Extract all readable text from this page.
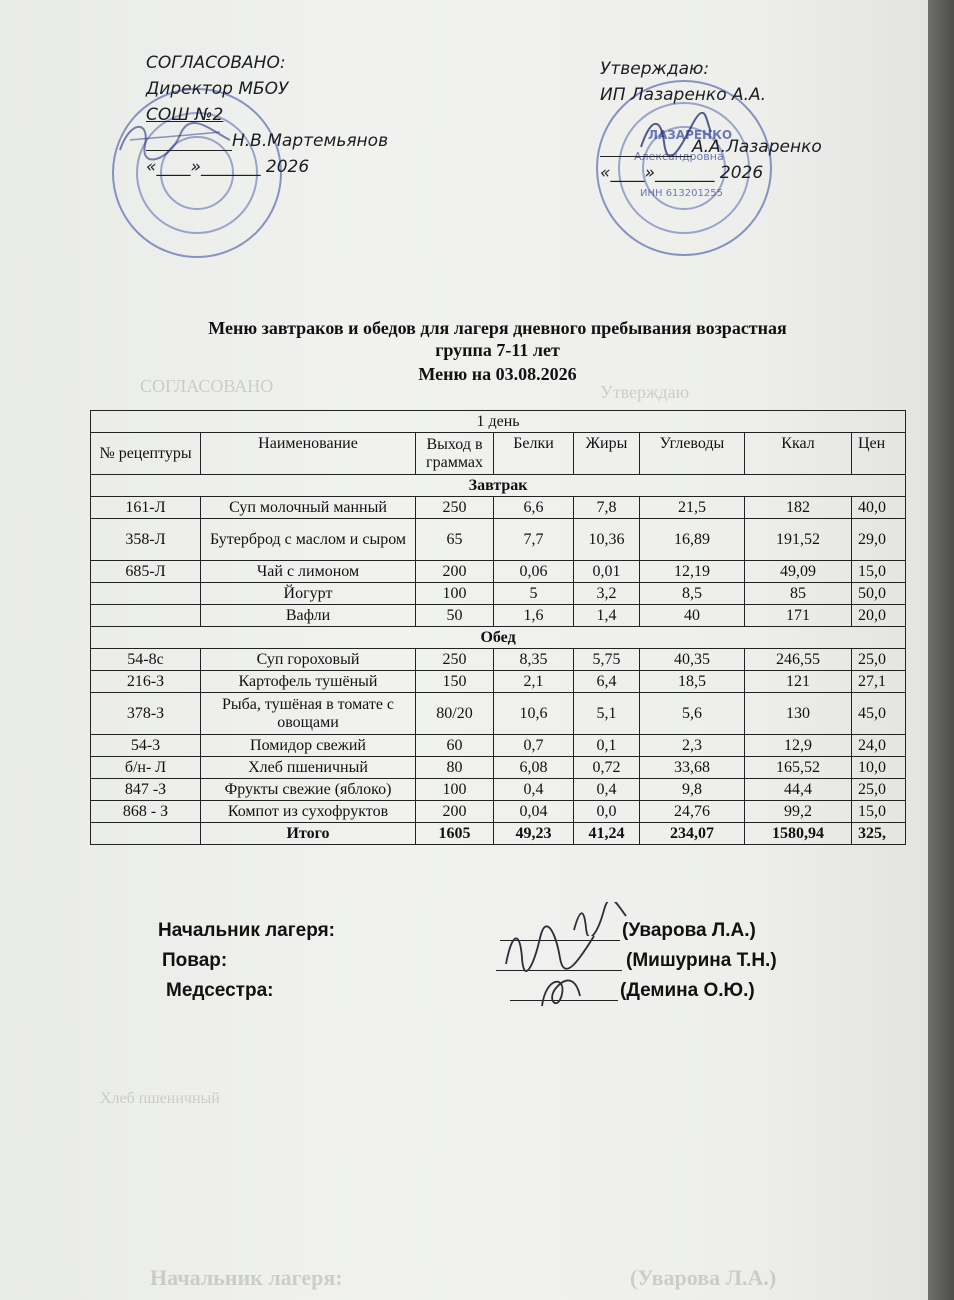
СОГЛАСОВАНО	Утверждаю
Хлеб пшеничный
Начальник лагеря:	(Уварова Л.А.)
СОГЛАСОВАНО:
Директор МБОУ
СОШ №2
Н.В.Мартемьянов
«____»_______ 2026
ЛАЗАРЕНКО
Александровна
ИНН 613201255
Утверждаю:
ИП Лазаренко А.А.
А.А.Лазаренко
«____»_______ 2026
Меню завтраков и обедов для лагеря дневного пребывания возрастная
группа 7-11 лет
Меню на 03.08.2026
1 день							
№ рецептуры	Наименование	Выход в граммах	Белки	Жиры	Углеводы	Ккал	Цен
Завтрак							
161-Л	Суп молочный манный	250	6,6	7,8	21,5	182	40,0
358-Л	Бутерброд с маслом и сыром	65	7,7	10,36	16,89	191,52	29,0
685-Л	Чай с лимоном	200	0,06	0,01	12,19	49,09	15,0
	Йогурт	100	5	3,2	8,5	85	50,0
	Вафли	50	1,6	1,4	40	171	20,0
Обед							
54-8с	Суп гороховый	250	8,35	5,75	40,35	246,55	25,0
216-З	Картофель тушёный	150	2,1	6,4	18,5	121	27,1
378-З	Рыба, тушёная в томате с овощами	80/20	10,6	5,1	5,6	130	45,0
54-3	Помидор свежий	60	0,7	0,1	2,3	12,9	24,0
б/н- Л	Хлеб пшеничный	80	6,08	0,72	33,68	165,52	10,0
847 -З	Фрукты свежие (яблоко)	100	0,4	0,4	9,8	44,4	25,0
868 - З	Компот из сухофруктов	200	0,04	0,0	24,76	99,2	15,0
	Итого	1605	49,23	41,24	234,07	1580,94	325,
Начальник лагеря:
Повар:
Медсестра:
(Уварова Л.А.)
(Мишурина Т.Н.)
(Демина О.Ю.)
